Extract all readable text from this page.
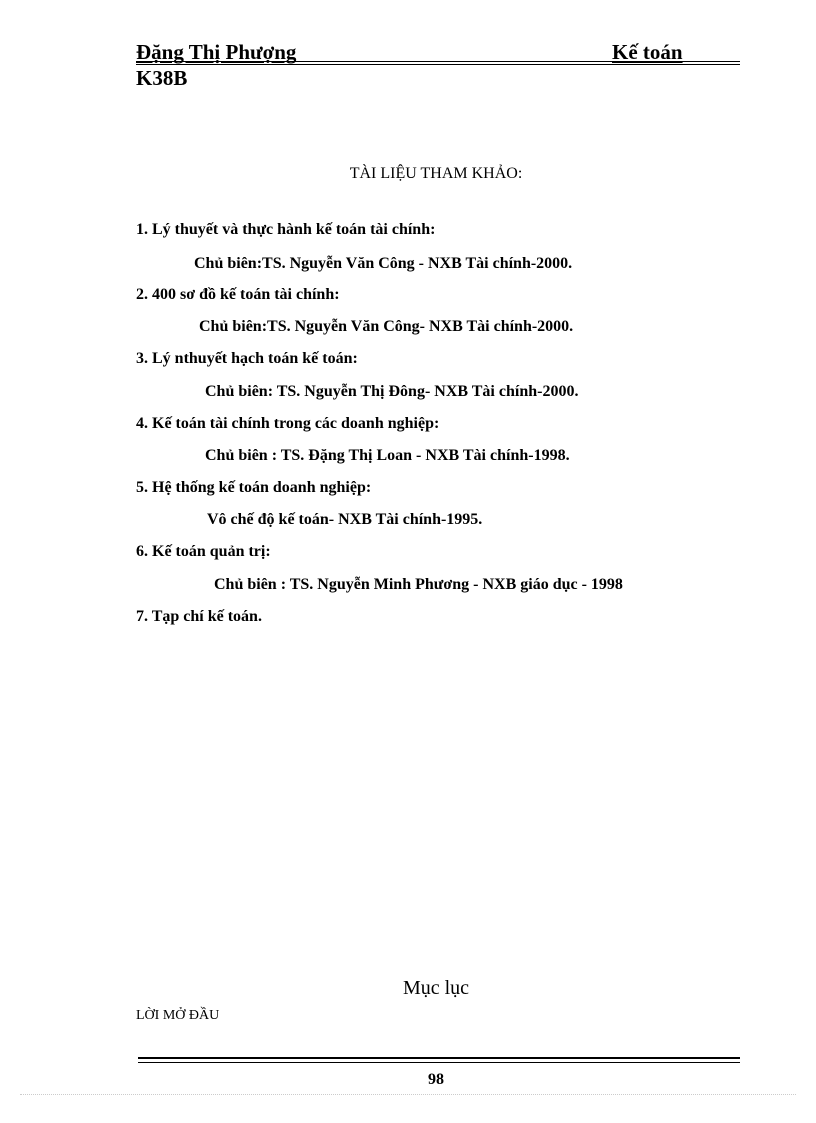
Đặng Thị Phượng	Kế toán
K38B
TÀI LIỆU THAM KHẢO:
1. Lý thuyết và thực hành kế toán tài chính:
Chủ biên:TS. Nguyễn Văn Công - NXB Tài chính-2000.
2. 400 sơ đồ kế toán tài chính:
Chủ biên:TS. Nguyễn Văn Công- NXB Tài chính-2000.
3. Lý nthuyết hạch toán kế toán:
Chủ biên: TS. Nguyễn Thị Đông- NXB Tài chính-2000.
4. Kế toán tài chính trong các doanh nghiệp:
Chủ biên : TS. Đặng Thị Loan - NXB Tài chính-1998.
5. Hệ thống kế toán doanh nghiệp:
Vô chế độ kế toán- NXB Tài chính-1995.
6. Kế toán quản trị:
Chủ biên : TS. Nguyễn Minh Phương - NXB giáo dục - 1998
7. Tạp chí kế toán.
Mục lục
LỜI MỞ ĐẦU
98
